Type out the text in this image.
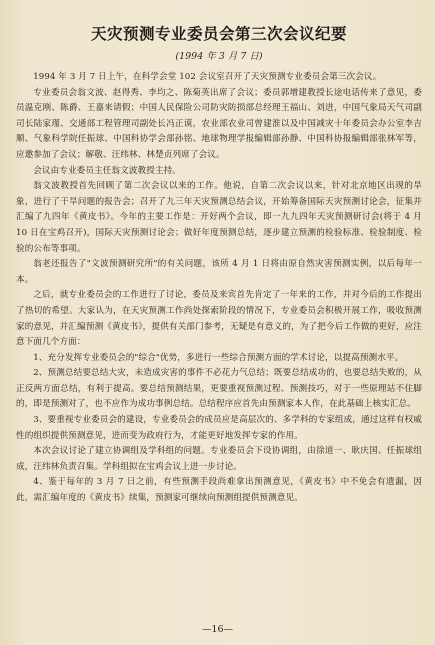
天灾预测专业委员会第三次会议纪要
(1994 年 3 月 7 日)

1994 年 3 月 7 日上午，在科学会堂 102 会议室召开了天灾预测专业委员会第三次会议。

专业委员会翁文波、赵得秀、李均之、陈菊英出席了会议；委员郭增建教授长途电话传来了意见，委员温克刚、陈爵、王嘉来请假；中国人民保险公司防灾防损部总经理王福山、刘进，中国气象局天气司副司长陆家瑾、交通部工程管理司副处长冯正谟，农业部农业司曾建淮以及中国减灾十年委员会办公室李吉顺、气象科学院任振球、中国科协学会部孙铭、地球物理学报编辑部孙静、中国科协报编辑部张林军等，应邀参加了会议；解敬、汪纬林、林楚贞列席了会议。

会议由专业委员主任翁文波教授主持。

翁文波教授首先回顾了第二次会议以来的工作。他说，自第二次会议以来，针对北京地区出现的旱象，进行了干旱问题的报告会；召开了九三年天灾预测总结会议，开始筹备国际天灾预测讨论会，征集并汇编了九四年《黄皮书》。今年的主要工作是：开好两个会议，即一九九四年天灾预测研讨会(将于 4 月 10 日在宝鸡召开)，国际天灾预测讨论会；做好年度预测总结，逐步建立预测的检验标准、检验制度、检验的公布等事项。

翁老还报告了"文波预测研究所"的有关问题，该所 4 月 1 日将由原自然灾害预测实例，以后每年一本。

之后，就专业委员会的工作进行了讨论，委员及来宾首先肯定了一年来的工作，并对今后的工作提出了热切的希望。大家认为，在天灾预测工作尚处探索阶段的情况下，专业委员会积极开展工作，吸收预测家的意见，并汇编预测《黄皮书》，提供有关部门参考，无疑是有意义的，为了把今后工作做的更好，应注意下面几个方面：

1、充分发挥专业委员会的"综合"优势，多进行一些综合预测方面的学术讨论，以提高预测水平。

2、预测总结要总结大灾，未造成灾害的事件不必花力气总结；既要总结成功的，也要总结失败的，从正反两方面总结，有利于提高。要总结预测结果，更要重视预测过程、预测技巧，对于一些原理站不住脚的，即是预测对了，也不应作为成功事例总结。总结程序应首先由预测家本人作，在此基础上核实汇总。

3、要重视专业委员会的建设，专业委员会的成员应是高层次的、多学科的专家组成，通过这样有权威性的组织提供预测意见，进而变为政府行为，才能更好地发挥专家的作用。

本次会议讨论了建立协调组及学科组的问题。专业委员会下设协调组，由徐道一、耿庆国、任振球组成，汪纬林负责召集。学科组拟在宝鸡会议上进一步讨论。

4、鉴于每年的 3 月 7 日之前，有些预测手段尚难拿出预测意见，《黄皮书》中不免会有遗漏，因此，需汇编年度的《黄皮书》续集，预测家可继续向预测组提供预测意见。

—16—
